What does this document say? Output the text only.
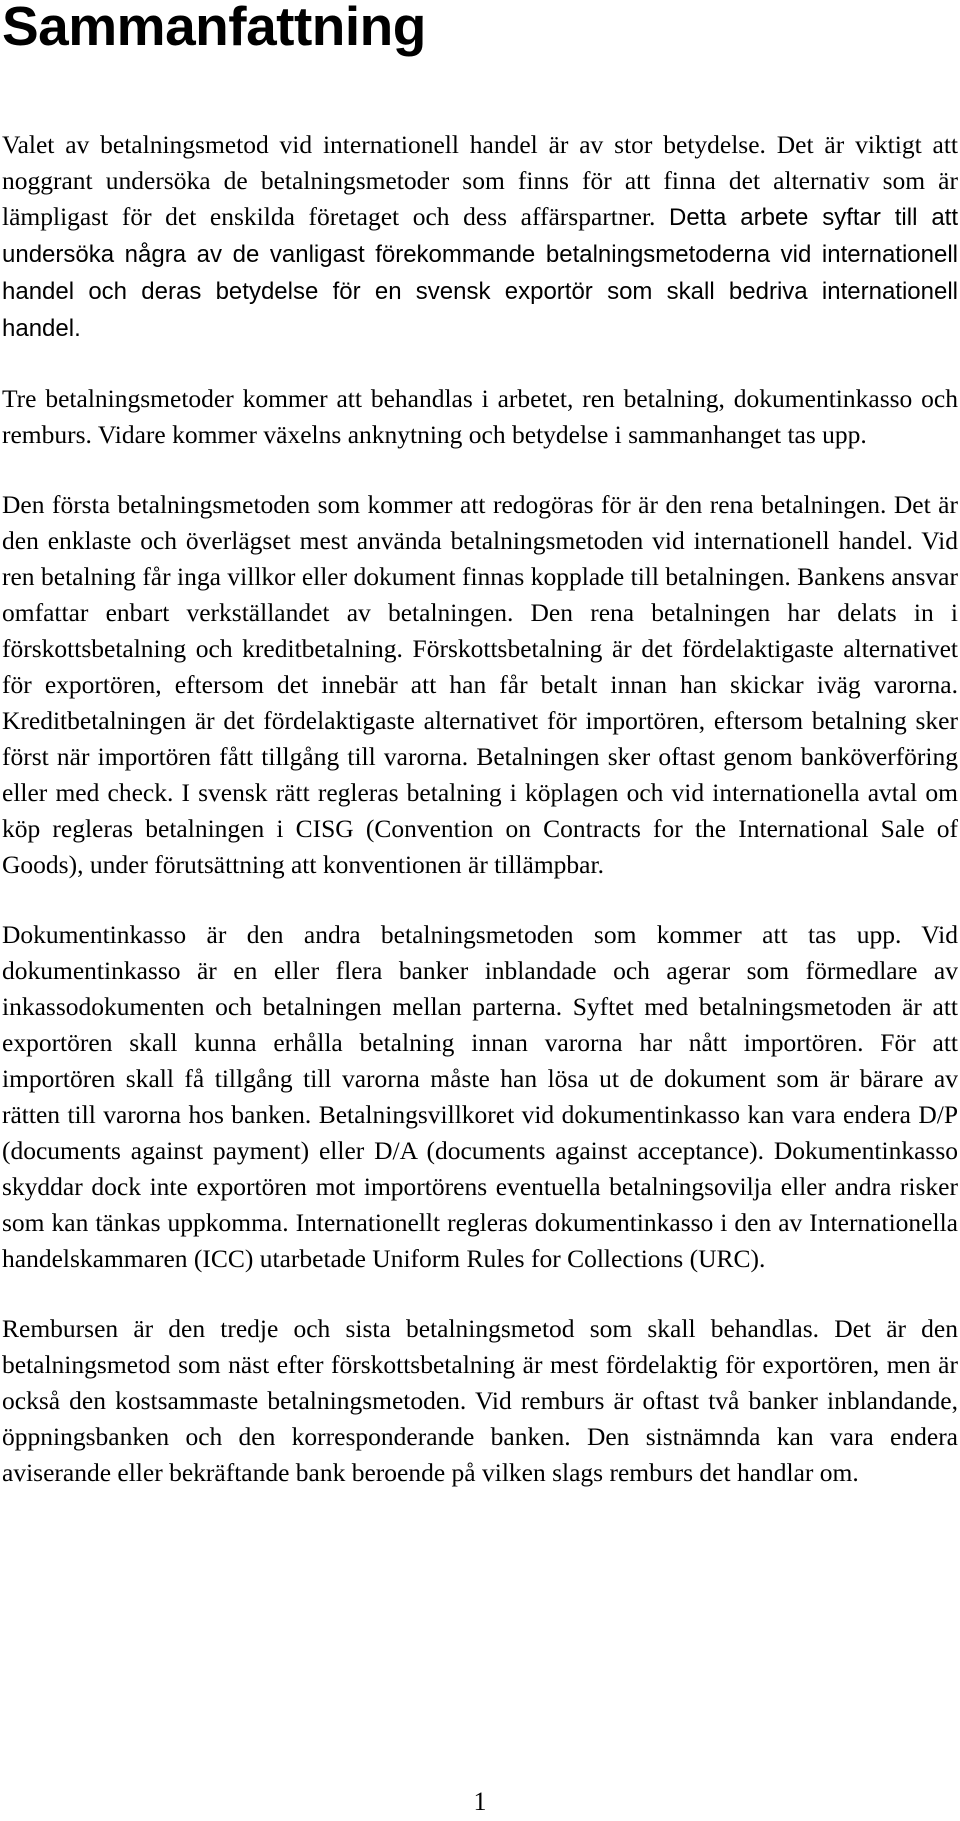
Sammanfattning

Valet av betalningsmetod vid internationell handel är av stor betydelse. Det är viktigt att noggrant undersöka de betalningsmetoder som finns för att finna det alternativ som är lämpligast för det enskilda företaget och dess affärspartner. Detta arbete syftar till att undersöka några av de vanligast förekommande betalningsmetoderna vid internationell handel och deras betydelse för en svensk exportör som skall bedriva internationell handel.

Tre betalningsmetoder kommer att behandlas i arbetet, ren betalning, dokumentinkasso och remburs. Vidare kommer växelns anknytning och betydelse i sammanhanget tas upp.

Den första betalningsmetoden som kommer att redogöras för är den rena betalningen. Det är den enklaste och överlägset mest använda betalningsmetoden vid internationell handel. Vid ren betalning får inga villkor eller dokument finnas kopplade till betalningen. Bankens ansvar omfattar enbart verkställandet av betalningen. Den rena betalningen har delats in i förskottsbetalning och kreditbetalning. Förskottsbetalning är det fördelaktigaste alternativet för exportören, eftersom det innebär att han får betalt innan han skickar iväg varorna. Kreditbetalningen är det fördelaktigaste alternativet för importören, eftersom betalning sker först när importören fått tillgång till varorna. Betalningen sker oftast genom banköverföring eller med check. I svensk rätt regleras betalning i köplagen och vid internationella avtal om köp regleras betalningen i CISG (Convention on Contracts for the International Sale of Goods), under förutsättning att konventionen är tillämpbar.

Dokumentinkasso är den andra betalningsmetoden som kommer att tas upp. Vid dokumentinkasso är en eller flera banker inblandade och agerar som förmedlare av inkassodokumenten och betalningen mellan parterna. Syftet med betalningsmetoden är att exportören skall kunna erhålla betalning innan varorna har nått importören. För att importören skall få tillgång till varorna måste han lösa ut de dokument som är bärare av rätten till varorna hos banken. Betalningsvillkoret vid dokumentinkasso kan vara endera D/P (documents against payment) eller D/A (documents against acceptance). Dokumentinkasso skyddar dock inte exportören mot importörens eventuella betalningsovilja eller andra risker som kan tänkas uppkomma. Internationellt regleras dokumentinkasso i den av Internationella handelskammaren (ICC) utarbetade Uniform Rules for Collections (URC).

Rembursen är den tredje och sista betalningsmetod som skall behandlas. Det är den betalningsmetod som näst efter förskottsbetalning är mest fördelaktig för exportören, men är också den kostsammaste betalningsmetoden. Vid remburs är oftast två banker inblandande, öppningsbanken och den korresponderande banken. Den sistnämnda kan vara endera aviserande eller bekräftande bank beroende på vilken slags remburs det handlar om.

1
